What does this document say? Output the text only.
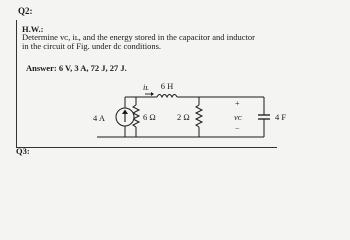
Q2:
H.W.:
Determine vᴄ, iʟ, and the energy stored in the capacitor and inductor
in the circuit of Fig. under dc conditions.
Answer: 6 V, 3 A, 72 J, 27 J.
Q3:
4 A
iʟ 6 H
6 Ω	2 Ω
+
−
vᴄ	4 F
